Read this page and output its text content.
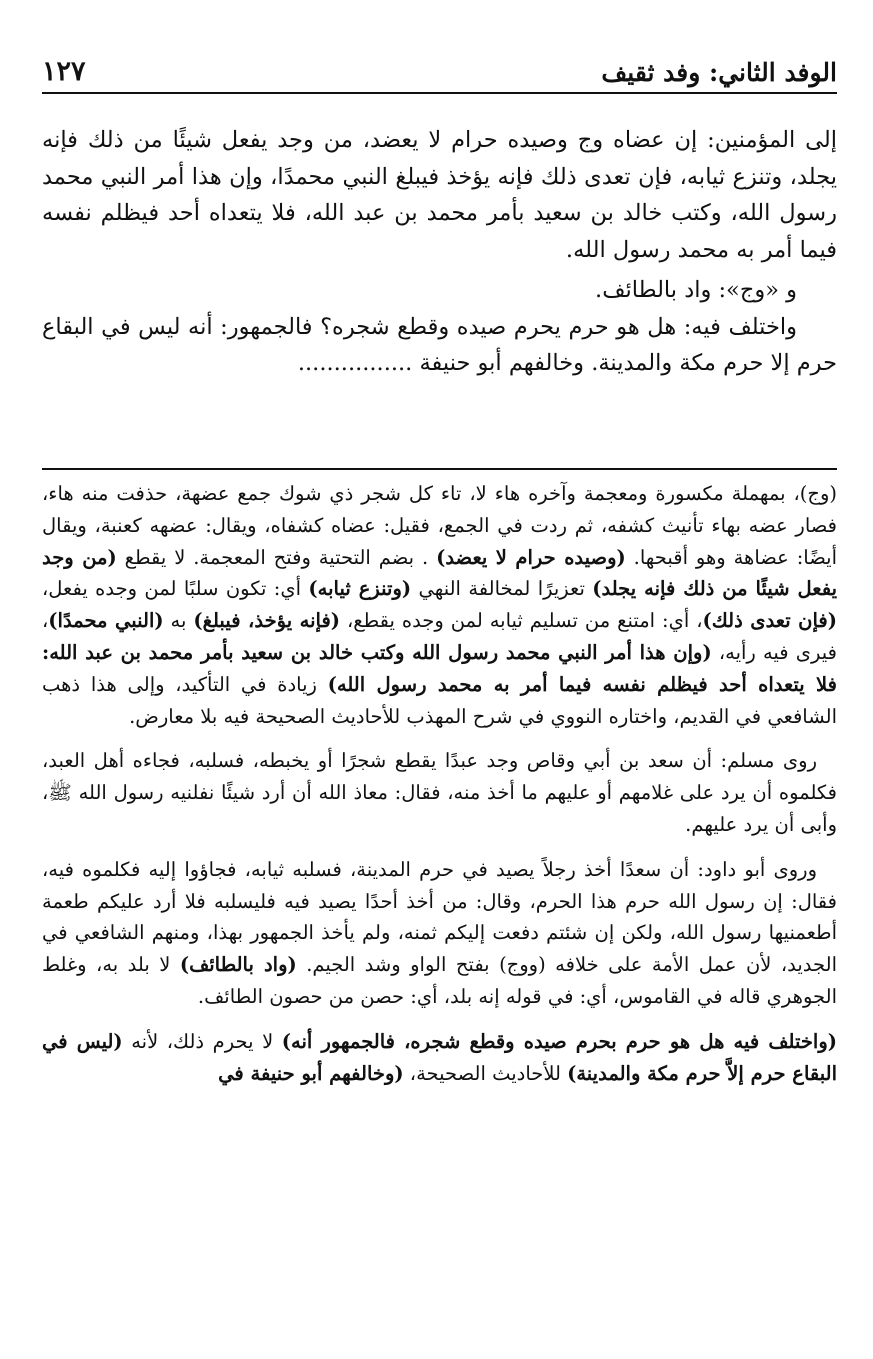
الوفد الثاني: وفد ثقيف
١٢٧

إلى المؤمنين: إن عضاه وج وصيده حرام لا يعضد، من وجد يفعل شيئًا من ذلك فإنه يجلد، وتنزع ثيابه، فإن تعدى ذلك فإنه يؤخذ فيبلغ النبي محمدًا، وإن هذا أمر النبي محمد رسول الله، وكتب خالد بن سعيد بأمر محمد بن عبد الله، فلا يتعداه أحد فيظلم نفسه فيما أمر به محمد رسول الله.

و «وج»: واد بالطائف.

واختلف فيه: هل هو حرم يحرم صيده وقطع شجره؟ فالجمهور: أنه ليس في البقاع حرم إلا حرم مكة والمدينة. وخالفهم أبو حنيفة ................

(وج)، بمهملة مكسورة ومعجمة وآخره هاء لا، تاء كل شجر ذي شوك جمع عضهة، حذفت منه هاء، فصار عضه بهاء تأنيث كشفه، ثم ردت في الجمع، فقيل: عضاه كشفاه، ويقال: عضهه كعنبة، ويقال أيضًا: عضاهة وهو أقبحها. (وصيده حرام لا يعضد) . بضم التحتية وفتح المعجمة. لا يقطع (من وجد يفعل شيئًا من ذلك فإنه يجلد) تعزيرًا لمخالفة النهي (وتنزع ثيابه) أي: تكون سلبًا لمن وجده يفعل، (فإن تعدى ذلك)، أي: امتنع من تسليم ثيابه لمن وجده يقطع، (فإنه يؤخذ، فيبلغ) به (النبي محمدًا)، فيرى فيه رأيه، (وإن هذا أمر النبي محمد رسول الله وكتب خالد بن سعيد بأمر محمد بن عبد الله: فلا يتعداه أحد فيظلم نفسه فيما أمر به محمد رسول الله) زيادة في التأكيد، وإلى هذا ذهب الشافعي في القديم، واختاره النووي في شرح المهذب للأحاديث الصحيحة فيه بلا معارض.

روى مسلم: أن سعد بن أبي وقاص وجد عبدًا يقطع شجرًا أو يخبطه، فسلبه، فجاءه أهل العبد، فكلموه أن يرد على غلامهم أو عليهم ما أخذ منه، فقال: معاذ الله أن أرد شيئًا نفلنيه رسول الله ﷺ، وأبى أن يرد عليهم.

وروى أبو داود: أن سعدًا أخذ رجلاً يصيد في حرم المدينة، فسلبه ثيابه، فجاؤوا إليه فكلموه فيه، فقال: إن رسول الله حرم هذا الحرم، وقال: من أخذ أحدًا يصيد فيه فليسلبه فلا أرد عليكم طعمة أطعمنيها رسول الله، ولكن إن شئتم دفعت إليكم ثمنه، ولم يأخذ الجمهور بهذا، ومنهم الشافعي في الجديد، لأن عمل الأمة على خلافه (ووج) بفتح الواو وشد الجيم. (واد بالطائف) لا بلد به، وغلط الجوهري قاله في القاموس، أي: في قوله إنه بلد، أي: حصن من حصون الطائف.

(واختلف فيه هل هو حرم بحرم صيده وقطع شجره، فالجمهور أنه) لا يحرم ذلك، لأنه (ليس في البقاع حرم إلاَّ حرم مكة والمدينة) للأحاديث الصحيحة، (وخالفهم أبو حنيفة في
